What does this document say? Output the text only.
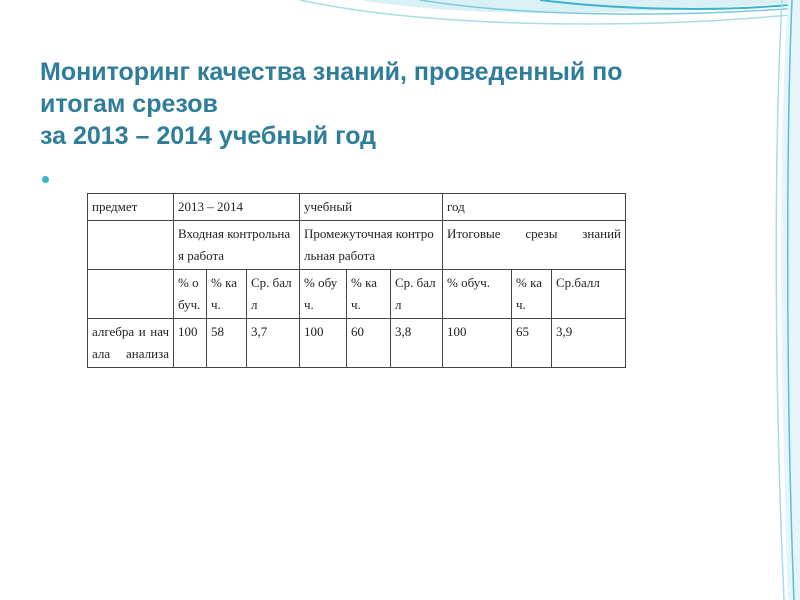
Мониторинг качества знаний, проведенный по
итогам срезов
за 2013 – 2014 учебный год
предмет	2013 – 2014			учебный			год		
	Входная контрольная работа			Промежуточная контрольная работа			Итоговые срезы знаний		
	% обуч.	% кач.	Ср. балл	% обуч.	% кач.	Ср. балл	% обуч.	% кач.	Ср.балл
алгебра и начала анализа	100	58	3,7	100	60	3,8	100	65	3,9
